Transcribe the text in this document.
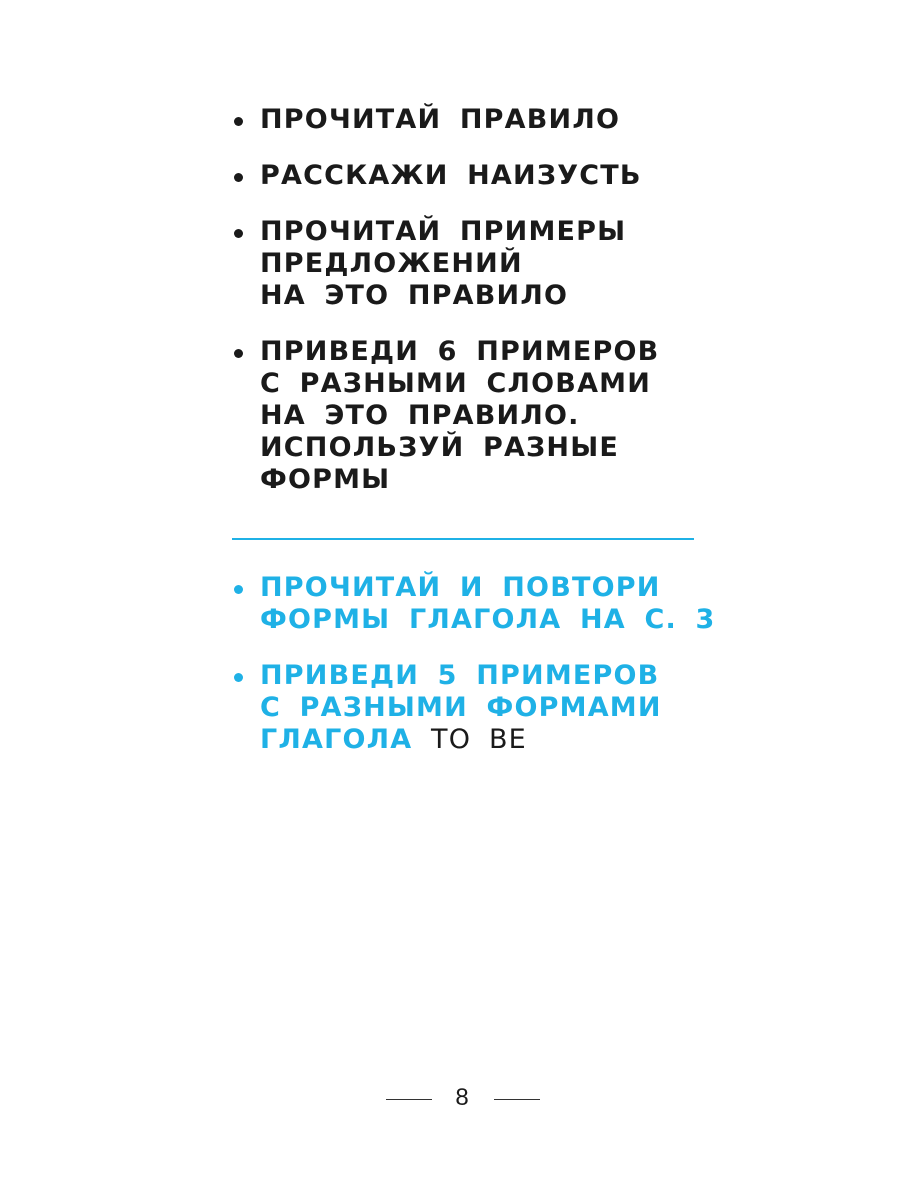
ПРОЧИТАЙ ПРАВИЛО
РАССКАЖИ НАИЗУСТЬ
ПРОЧИТАЙ ПРИМЕРЫ
ПРЕДЛОЖЕНИЙ
НА ЭТО ПРАВИЛО
ПРИВЕДИ 6 ПРИМЕРОВ
С РАЗНЫМИ СЛОВАМИ
НА ЭТО ПРАВИЛО.
ИСПОЛЬЗУЙ РАЗНЫЕ
ФОРМЫ
ПРОЧИТАЙ И ПОВТОРИ
ФОРМЫ ГЛАГОЛА НА С. 3
ПРИВЕДИ 5 ПРИМЕРОВ
С РАЗНЫМИ ФОРМАМИ
ГЛАГОЛА TO BE
8
